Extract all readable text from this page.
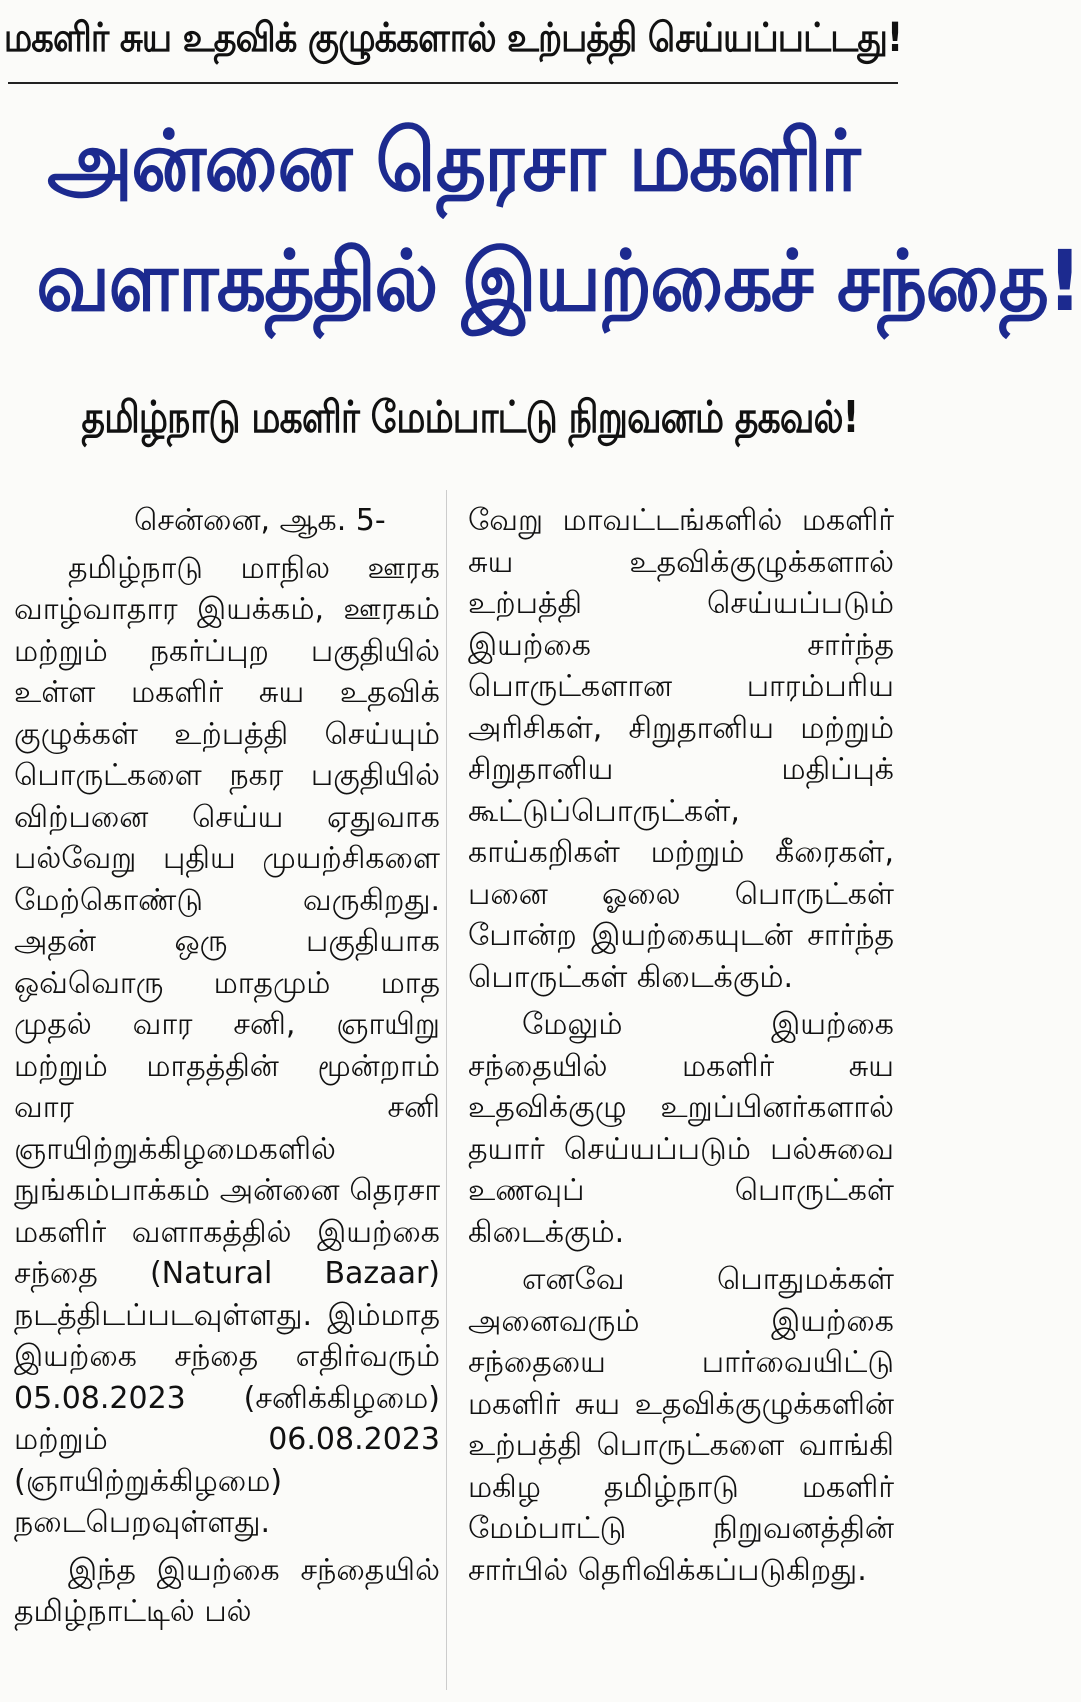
மகளிர் சுய உதவிக் குழுக்களால் உற்பத்தி செய்யப்பட்டது!
அன்னை தெரசா மகளிர்
வளாகத்தில் இயற்கைச் சந்தை!
தமிழ்நாடு மகளிர் மேம்பாட்டு நிறுவனம் தகவல்!

சென்னை, ஆக. 5-

தமிழ்நாடு மாநில ஊரக வாழ்வாதார இயக்கம், ஊரகம் மற்றும் நகர்ப்புற பகுதியில் உள்ள மகளிர் சுய உதவிக் குழுக்கள் உற்பத்தி செய்யும் பொருட்களை நகர பகுதியில் விற்பனை செய்ய ஏதுவாக பல்வேறு புதிய முயற்சிகளை மேற்கொண்டு வருகிறது. அதன் ஒரு பகுதியாக ஒவ்வொரு மாதமும் மாத முதல் வார சனி, ஞாயிறு மற்றும் மாதத்தின் மூன்றாம் வார சனி ஞாயிற்றுக்கிழமைகளில் நுங்கம்பாக்கம் அன்னை தெரசா மகளிர் வளாகத்தில் இயற்கை சந்தை (Natural Bazaar) நடத்திடப்படவுள்ளது. இம்மாத இயற்கை சந்தை எதிர்வரும் 05.08.2023 (சனிக்கிழமை) மற்றும் 06.08.2023 (ஞாயிற்றுக்கிழமை) நடைபெறவுள்ளது.

இந்த இயற்கை சந்தையில் தமிழ்நாட்டில் பல்

வேறு மாவட்டங்களில் மகளிர் சுய உதவிக்குழுக்களால் உற்பத்தி செய்யப்படும் இயற்கை சார்ந்த பொருட்களான பாரம்பரிய அரிசிகள், சிறுதானிய மற்றும் சிறுதானிய மதிப்புக் கூட்டுப்பொருட்கள், காய்கறிகள் மற்றும் கீரைகள், பனை ஓலை பொருட்கள் போன்ற இயற்கையுடன் சார்ந்த பொருட்கள் கிடைக்கும்.

மேலும் இயற்கை சந்தையில் மகளிர் சுய உதவிக்குழு உறுப்பினர்களால் தயார் செய்யப்படும் பல்சுவை உணவுப் பொருட்கள் கிடைக்கும்.

எனவே பொதுமக்கள் அனைவரும் இயற்கை சந்தையை பார்வையிட்டு மகளிர் சுய உதவிக்குழுக்களின் உற்பத்தி பொருட்களை வாங்கி மகிழ தமிழ்நாடு மகளிர் மேம்பாட்டு நிறுவனத்தின் சார்பில் தெரிவிக்கப்படுகிறது.
